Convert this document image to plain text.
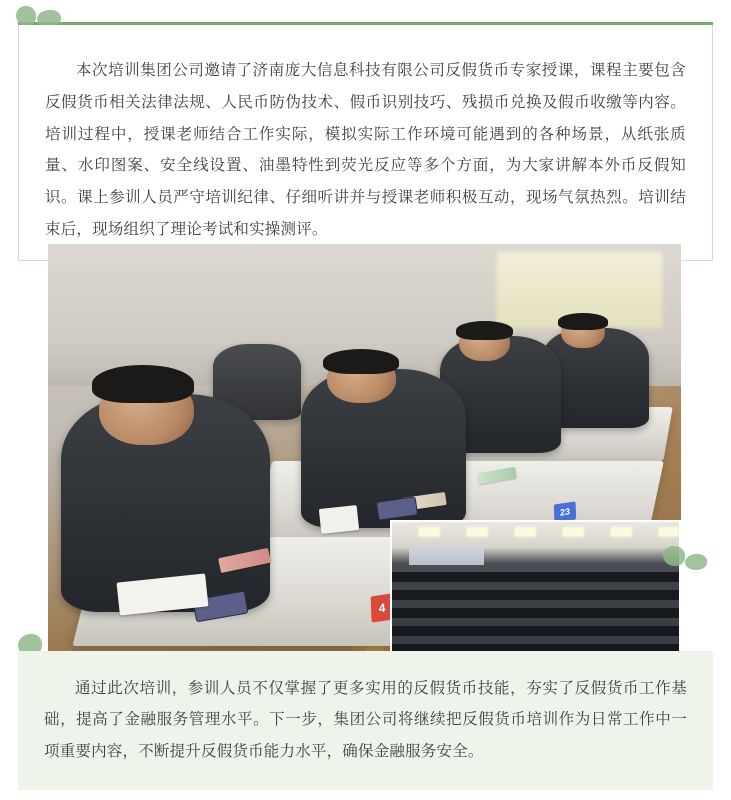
本次培训集团公司邀请了济南庞大信息科技有限公司反假货币专家授课，课程主要包含反假货币相关法律法规、人民币防伪技术、假币识别技巧、残损币兑换及假币收缴等内容。培训过程中，授课老师结合工作实际，模拟实际工作环境可能遇到的各种场景，从纸张质量、水印图案、安全线设置、油墨特性到荧光反应等多个方面，为大家讲解本外币反假知识。课上参训人员严守培训纪律、仔细听讲并与授课老师积极互动，现场气氛热烈。培训结束后，现场组织了理论考试和实操测评。

23
4

通过此次培训，参训人员不仅掌握了更多实用的反假货币技能，夯实了反假货币工作基础，提高了金融服务管理水平。下一步，集团公司将继续把反假货币培训作为日常工作中一项重要内容，不断提升反假货币能力水平，确保金融服务安全。
